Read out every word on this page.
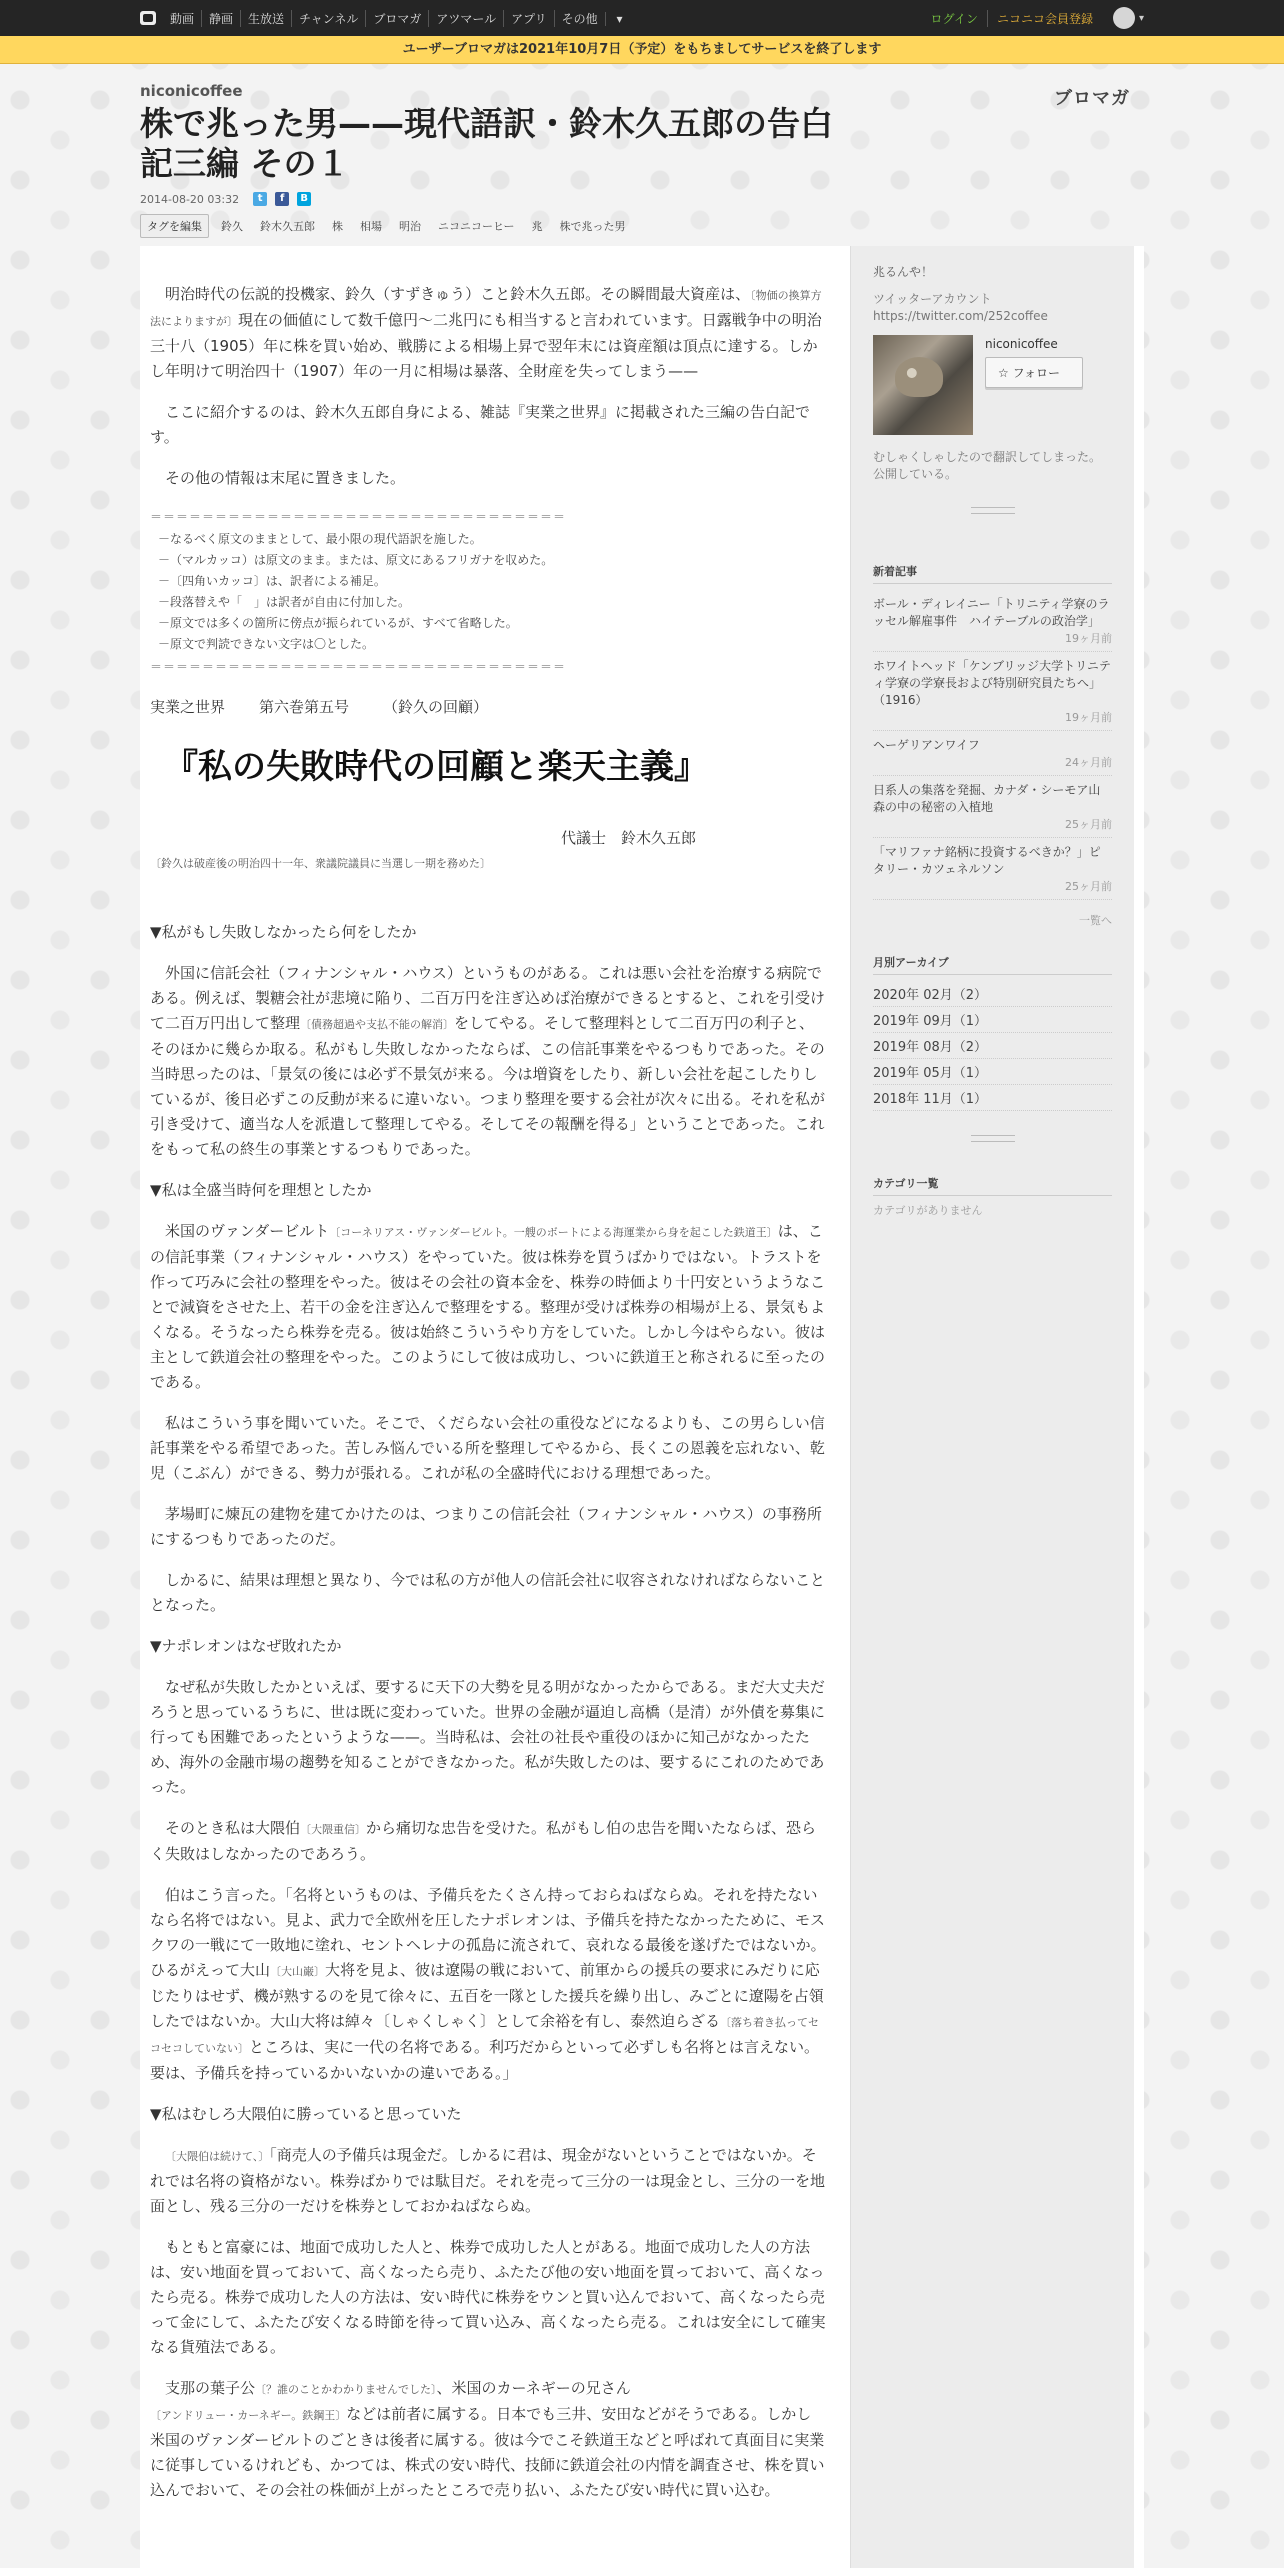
動画	静画	生放送	チャンネル	ブロマガ	アツマール	アプリ	その他 ▾	ログイン	ニコニコ会員登録	▾
ユーザーブロマガは2021年10月7日（予定）をもちましてサービスを終了します
niconicoffee
株で兆った男——現代語訳・鈴木久五郎の告白記三編 その１
2014-08-20 03:32	t	f	B
タグを編集	鈴久 鈴木久五郎 株 相場 明治 ニコニコーヒー 兆 株で兆った男
ブロマガ

明治時代の伝説的投機家、鈴久（すずきゅう）こと鈴木久五郎。その瞬間最大資産は、〔物価の換算方法によりますが〕現在の価値にして数千億円〜二兆円にも相当すると言われています。日露戦争中の明治三十八（1905）年に株を買い始め、戦勝による相場上昇で翌年末には資産額は頂点に達する。しかし年明けて明治四十（1907）年の一月に相場は暴落、全財産を失ってしまう——

ここに紹介するのは、鈴木久五郎自身による、雑誌『実業之世界』に掲載された三編の告白記です。

その他の情報は末尾に置きました。

＝＝＝＝＝＝＝＝＝＝＝＝＝＝＝＝＝＝＝＝＝＝＝＝＝＝＝＝＝＝＝＝
－なるべく原文のままとして、最小限の現代語訳を施した。
－（マルカッコ）は原文のまま。または、原文にあるフリガナを収めた。
－〔四角いカッコ〕は、訳者による補足。
－段落替えや「　」は訳者が自由に付加した。
－原文では多くの箇所に傍点が振られているが、すべて省略した。
－原文で判読できない文字は〇とした。
＝＝＝＝＝＝＝＝＝＝＝＝＝＝＝＝＝＝＝＝＝＝＝＝＝＝＝＝＝＝＝＝
実業之世界 第六巻第五号 （鈴久の回顧）
『私の失敗時代の回顧と楽天主義』
代議士　鈴木久五郎
〔鈴久は破産後の明治四十一年、衆議院議員に当選し一期を務めた〕
▼私がもし失敗しなかったら何をしたか

外国に信託会社（フィナンシャル・ハウス）というものがある。これは悪い会社を治療する病院である。例えば、製糖会社が悲境に陥り、二百万円を注ぎ込めば治療ができるとすると、これを引受けて二百万円出して整理〔債務超過や支払不能の解消〕をしてやる。そして整理料として二百万円の利子と、そのほかに幾らか取る。私がもし失敗しなかったならば、この信託事業をやるつもりであった。その当時思ったのは、「景気の後には必ず不景気が来る。今は増資をしたり、新しい会社を起こしたりしているが、後日必ずこの反動が来るに違いない。つまり整理を要する会社が次々に出る。それを私が引き受けて、適当な人を派遣して整理してやる。そしてその報酬を得る」ということであった。これをもって私の終生の事業とするつもりであった。

▼私は全盛当時何を理想としたか

米国のヴァンダービルト〔コーネリアス・ヴァンダービルト。一艘のボートによる海運業から身を起こした鉄道王〕は、この信託事業（フィナンシャル・ハウス）をやっていた。彼は株券を買うばかりではない。トラストを作って巧みに会社の整理をやった。彼はその会社の資本金を、株券の時価より十円安というようなことで減資をさせた上、若干の金を注ぎ込んで整理をする。整理が受けば株券の相場が上る、景気もよくなる。そうなったら株券を売る。彼は始終こういうやり方をしていた。しかし今はやらない。彼は主として鉄道会社の整理をやった。このようにして彼は成功し、ついに鉄道王と称されるに至ったのである。

私はこういう事を聞いていた。そこで、くだらない会社の重役などになるよりも、この男らしい信託事業をやる希望であった。苦しみ悩んでいる所を整理してやるから、長くこの恩義を忘れない、乾児（こぶん）ができる、勢力が張れる。これが私の全盛時代における理想であった。

茅場町に煉瓦の建物を建てかけたのは、つまりこの信託会社（フィナンシャル・ハウス）の事務所にするつもりであったのだ。

しかるに、結果は理想と異なり、今では私の方が他人の信託会社に収容されなければならないこととなった。

▼ナポレオンはなぜ敗れたか

なぜ私が失敗したかといえば、要するに天下の大勢を見る明がなかったからである。まだ大丈夫だろうと思っているうちに、世は既に変わっていた。世界の金融が逼迫し高橋（是清）が外債を募集に行っても困難であったというような——。当時私は、会社の社長や重役のほかに知己がなかったため、海外の金融市場の趨勢を知ることができなかった。私が失敗したのは、要するにこれのためであった。

そのとき私は大隈伯〔大隈重信〕から痛切な忠告を受けた。私がもし伯の忠告を聞いたならば、恐らく失敗はしなかったのであろう。

伯はこう言った。「名将というものは、予備兵をたくさん持っておらねばならぬ。それを持たないなら名将ではない。見よ、武力で全欧州を圧したナポレオンは、予備兵を持たなかったために、モスクワの一戦にて一敗地に塗れ、セントヘレナの孤島に流されて、哀れなる最後を遂げたではないか。ひるがえって大山〔大山巌〕大将を見よ、彼は遼陽の戦において、前軍からの援兵の要求にみだりに応じたりはせず、機が熟するのを見て徐々に、五百を一隊とした援兵を繰り出し、みごとに遼陽を占領したではないか。大山大将は綽々〔しゃくしゃく〕として余裕を有し、泰然迫らざる〔落ち着き払ってセコセコしていない〕ところは、実に一代の名将である。利巧だからといって必ずしも名将とは言えない。要は、予備兵を持っているかいないかの違いである。」

▼私はむしろ大隈伯に勝っていると思っていた

〔大隈伯は続けて、〕「商売人の予備兵は現金だ。しかるに君は、現金がないということではないか。それでは名将の資格がない。株券ばかりでは駄目だ。それを売って三分の一は現金とし、三分の一を地面とし、残る三分の一だけを株券としておかねばならぬ。

もともと富豪には、地面で成功した人と、株券で成功した人とがある。地面で成功した人の方法は、安い地面を買っておいて、高くなったら売り、ふたたび他の安い地面を買っておいて、高くなったら売る。株券で成功した人の方法は、安い時代に株券をウンと買い込んでおいて、高くなったら売って金にして、ふたたび安くなる時節を待って買い込み、高くなったら売る。これは安全にして確実なる貨殖法である。

支那の葉子公〔？誰のことかわかりませんでした〕、米国のカーネギーの兄さん〔アンドリュー・カーネギー。鉄鋼王〕などは前者に属する。日本でも三井、安田などがそうである。しかし米国のヴァンダービルトのごときは後者に属する。彼は今でこそ鉄道王などと呼ばれて真面目に実業に従事しているけれども、かつては、株式の安い時代、技師に鉄道会社の内情を調査させ、株を買い込んでおいて、その会社の株価が上がったところで売り払い、ふたたび安い時代に買い込む。

兆るんや！
ツイッターアカウント https://twitter.com/252coffee
niconicoffee
☆ フォロー
むしゃくしゃしたので翻訳してしまった。公開している。
新着記事
ボール・ディレイニー「トリニティ学寮のラッセル解雇事件　ハイテーブルの政治学」
19ヶ月前
ホワイトヘッド「ケンブリッジ大学トリニティ学寮の学寮長および特別研究員たちへ」（1916）
19ヶ月前
ヘーゲリアンワイフ
24ヶ月前
日系人の集落を発掘、カナダ・シーモア山森の中の秘密の入植地
25ヶ月前
「マリファナ銘柄に投資するべきか？」ピタリー・カツェネルソン
25ヶ月前
一覧へ
月別アーカイブ
2020年 02月（2）
2019年 09月（1）
2019年 08月（2）
2019年 05月（1）
2018年 11月（1）
カテゴリ一覧
カテゴリがありません
